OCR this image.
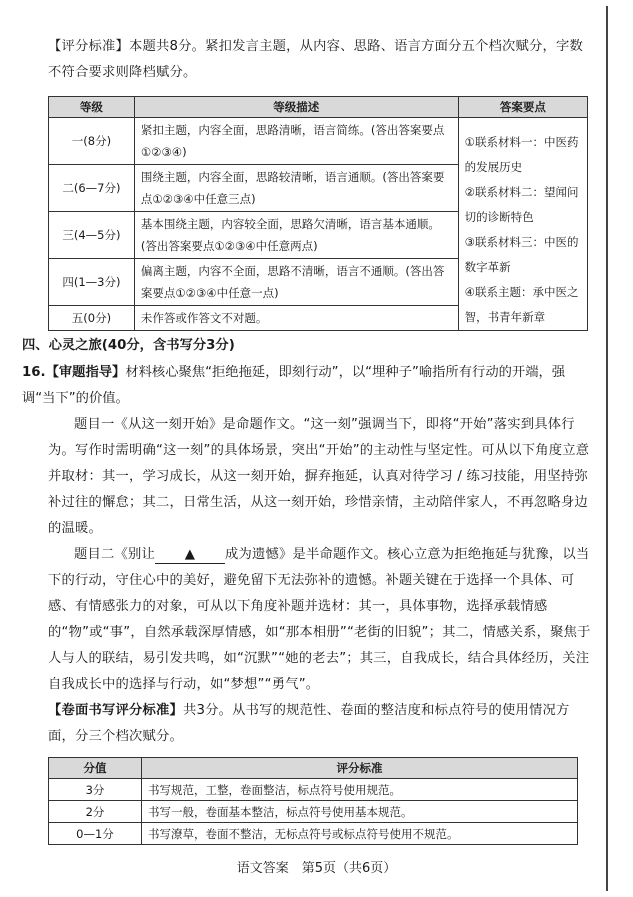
【评分标准】本题共8分。紧扣发言主题，从内容、思路、语言方面分五个档次赋分，字数不符合要求则降档赋分。
等级	等级描述	答案要点
一(8分)	紧扣主题，内容全面，思路清晰，语言简练。(答出答案要点①②③④)	①联系材料一：中医药的发展历史
②联系材料二：望闻问切的诊断特色
③联系材料三：中医的数字革新
④联系主题：承中医之智，书青年新章

二(6—7分)	围绕主题，内容全面，思路较清晰，语言通顺。(答出答案要点①②③④中任意三点)	
三(4—5分)	基本围绕主题，内容较全面，思路欠清晰，语言基本通顺。(答出答案要点①②③④中任意两点)	
四(1—3分)	偏离主题，内容不全面，思路不清晰，语言不通顺。(答出答案要点①②③④中任意一点)	
五(0分)	未作答或作答文不对题。	
四、心灵之旅(40分，含书写分3分)
16.【审题指导】材料核心聚焦“拒绝拖延，即刻行动”，以“埋种子”喻指所有行动的开端，强调“当下”的价值。
题目一《从这一刻开始》是命题作文。“这一刻”强调当下，即将“开始”落实到具体行为。写作时需明确“这一刻”的具体场景，突出“开始”的主动性与坚定性。可从以下角度立意并取材：其一，学习成长，从这一刻开始，摒弃拖延，认真对待学习 / 练习技能，用坚持弥补过往的懈怠；其二，日常生活，从这一刻开始，珍惜亲情，主动陪伴家人，不再忽略身边的温暖。
题目二《别让 ▲ 成为遗憾》是半命题作文。核心立意为拒绝拖延与犹豫，以当下的行动，守住心中的美好，避免留下无法弥补的遗憾。补题关键在于选择一个具体、可感、有情感张力的对象，可从以下角度补题并选材：其一，具体事物，选择承载情感的“物”或“事”，自然承载深厚情感，如“那本相册”“老街的旧貌”；其二，情感关系，聚焦于人与人的联结，易引发共鸣，如“沉默”“她的老去”；其三，自我成长，结合具体经历，关注自我成长中的选择与行动，如“梦想”“勇气”。
【卷面书写评分标准】共3分。从书写的规范性、卷面的整洁度和标点符号的使用情况方面，分三个档次赋分。
分值	评分标准
3分	书写规范，工整，卷面整洁，标点符号使用规范。
2分	书写一般，卷面基本整洁，标点符号使用基本规范。
0—1分	书写潦草，卷面不整洁，无标点符号或标点符号使用不规范。
语文答案　第5页（共6页）
